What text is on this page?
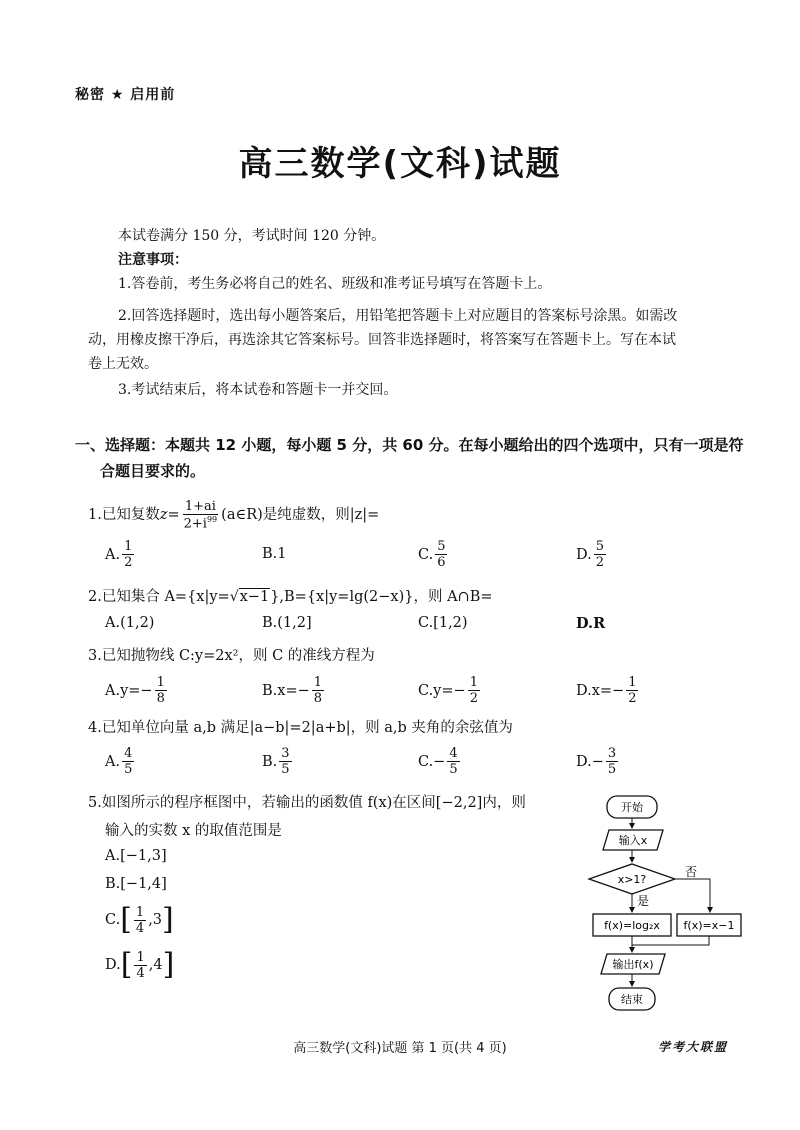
秘密 ★ 启用前
高三数学(文科)试题
本试卷满分 150 分，考试时间 120 分钟。
注意事项：
1.答卷前，考生务必将自己的姓名、班级和准考证号填写在答题卡上。
2.回答选择题时，选出每小题答案后，用铅笔把答题卡上对应题目的答案标号涂黑。如需改
动，用橡皮擦干净后，再选涂其它答案标号。回答非选择题时，将答案写在答题卡上。写在本试
卷上无效。
3.考试结束后，将本试卷和答题卡一并交回。
一、选择题：本题共 12 小题，每小题 5 分，共 60 分。在每小题给出的四个选项中，只有一项是符
合题目要求的。
1.已知复数 $z = \frac{1+ai}{2+i^{99}}$ (a∈R)是纯虚数，则|z|=
A. $\frac{1}{2}$	B.1	C. $\frac{5}{6}$	D. $\frac{5}{2}$
2.已知集合 A={x|y=√x−1},B={x|y=lg(2−x)}，则 A∩B=
A.(1,2)	B.(1,2]	C.[1,2)	D.R
3.已知抛物线 C:y=2x²，则 C 的准线方程为
$A.y=- \frac{1}{8}$	$B.x=- \frac{1}{8}$	$C.y=- \frac{1}{2}$	$D.x=- \frac{1}{2}$
4.已知单位向量 a,b 满足|a−b|=2|a+b|，则 a,b 夹角的余弦值为
A. $\frac{4}{5}$	B. $\frac{3}{5}$	$C.- \frac{4}{5}$	$D.- \frac{3}{5}$
5.如图所示的程序框图中，若输出的函数值 f(x)在区间[−2,2]内，则
输入的实数 x 的取值范围是
A.[−1,3]
B.[−1,4]
C. [ $\frac{1}{4} ,3$ ]
D. [ $\frac{1}{4} ,4$ ]
开始
输入x
x>1?
否
是
f(x)=log₂x f(x)=x−1
输出f(x)
结束
高三数学(文科)试题 第 1 页(共 4 页)	学考大联盟
